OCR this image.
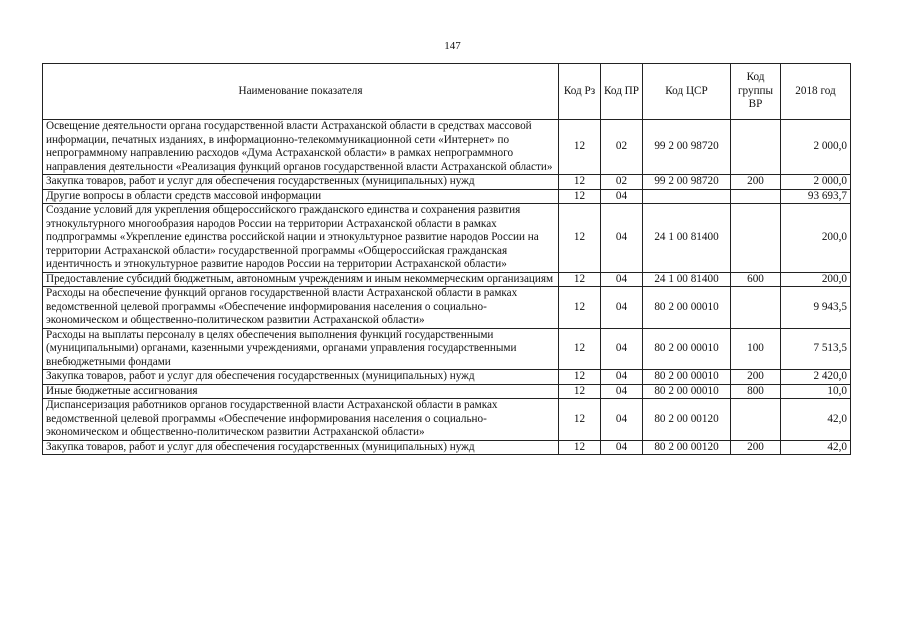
147
Наименование показателя	Код Рз	Код ПР	Код ЦСР	Код группы ВР	2018 год
Освещение деятельности органа государственной власти Астраханской области в средствах массовой информации, печатных изданиях, в информационно-телекоммуникационной сети «Интернет» по непрограммному направлению расходов «Дума Астраханской области» в рамках непрограммного направления деятельности «Реализация функций органов государственной власти Астраханской области»	12	02	99 2 00 98720		2 000,0
Закупка товаров, работ и услуг для обеспечения государственных (муниципальных) нужд	12	02	99 2 00 98720	200	2 000,0
Другие вопросы в области средств массовой информации	12	04			93 693,7
Создание условий для укрепления общероссийского гражданского единства и сохранения развития этнокультурного многообразия народов России на территории Астраханской области в рамках подпрограммы «Укрепление единства российской нации и этнокультурное развитие народов России на территории Астраханской области» государственной программы «Общероссийская гражданская идентичность и этнокультурное развитие народов России на территории Астраханской области»	12	04	24 1 00 81400		200,0
Предоставление субсидий бюджетным, автономным учреждениям и иным некоммерческим организациям	12	04	24 1 00 81400	600	200,0
Расходы на обеспечение функций органов государственной власти Астраханской области в рамках ведомственной целевой программы «Обеспечение информирования населения о социально-экономическом и общественно-политическом развитии Астраханской области»	12	04	80 2 00 00010		9 943,5
Расходы на выплаты персоналу в целях обеспечения выполнения функций государственными (муниципальными) органами, казенными учреждениями, органами управления государственными внебюджетными фондами	12	04	80 2 00 00010	100	7 513,5
Закупка товаров, работ и услуг для обеспечения государственных (муниципальных) нужд	12	04	80 2 00 00010	200	2 420,0
Иные бюджетные ассигнования	12	04	80 2 00 00010	800	10,0
Диспансеризация работников органов государственной власти Астраханской области в рамках ведомственной целевой программы «Обеспечение информирования населения о социально-экономическом и общественно-политическом развитии Астраханской области»	12	04	80 2 00 00120		42,0
Закупка товаров, работ и услуг для обеспечения государственных (муниципальных) нужд	12	04	80 2 00 00120	200	42,0
